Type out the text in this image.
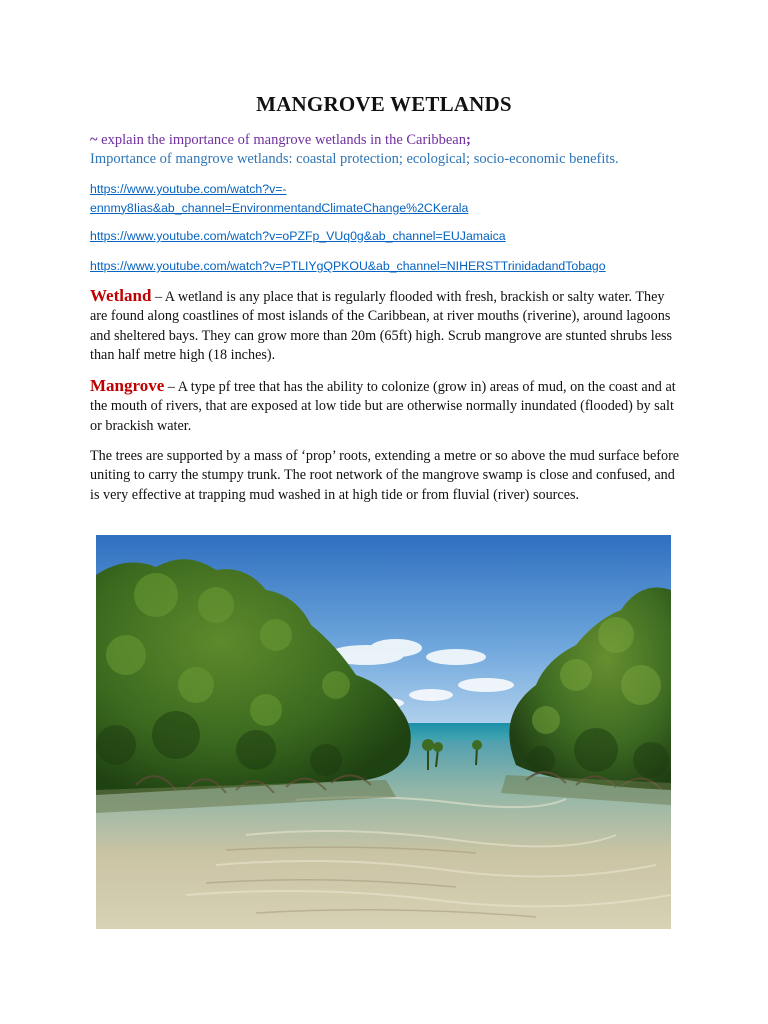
MANGROVE WETLANDS
~ explain the importance of mangrove wetlands in the Caribbean;
Importance of mangrove wetlands: coastal protection; ecological; socio-economic benefits.
https://www.youtube.com/watch?v=-
ennmy8Iias&ab_channel=EnvironmentandClimateChange%2CKerala
https://www.youtube.com/watch?v=oPZFp_VUq0g&ab_channel=EUJamaica
https://www.youtube.com/watch?v=PTLIYgQPKOU&ab_channel=NIHERSTTrinidadandTobago
Wetland – A wetland is any place that is regularly flooded with fresh, brackish or salty water. They are found along coastlines of most islands of the Caribbean, at river mouths (riverine), around lagoons and sheltered bays. They can grow more than 20m (65ft) high. Scrub mangrove are stunted shrubs less than half metre high (18 inches).
Mangrove – A type pf tree that has the ability to colonize (grow in) areas of mud, on the coast and at the mouth of rivers, that are exposed at low tide but are otherwise normally inundated (flooded) by salt or brackish water.
The trees are supported by a mass of ‘prop’ roots, extending a metre or so above the mud surface before uniting to carry the stumpy trunk. The root network of the mangrove swamp is close and confused, and is very effective at trapping mud washed in at high tide or from fluvial (river) sources.
